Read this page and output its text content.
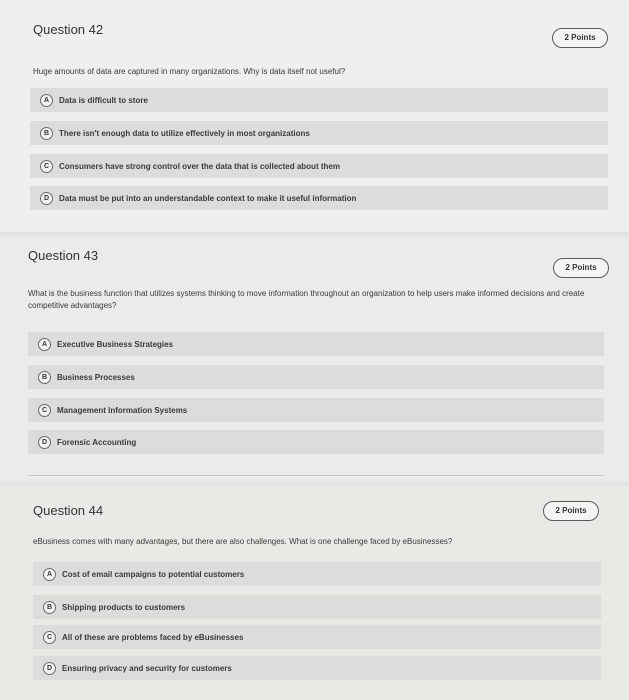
Question 42
2 Points
Huge amounts of data are captured in many organizations. Why is data itself not useful?
A	Data is difficult to store
B	There isn't enough data to utilize effectively in most organizations
C	Consumers have strong control over the data that is collected about them
D	Data must be put into an understandable context to make it useful information
Question 43
2 Points
What is the business function that utilizes systems thinking to move information throughout an organization to help users make informed decisions and create competitive advantages?
A	Executive Business Strategies
B	Business Processes
C	Management Information Systems
D	Forensic Accounting
Question 44	2 Points
eBusiness comes with many advantages, but there are also challenges. What is one challenge faced by eBusinesses?
A	Cost of email campaigns to potential customers
B	Shipping products to customers
C	All of these are problems faced by eBusinesses
D	Ensuring privacy and security for customers
